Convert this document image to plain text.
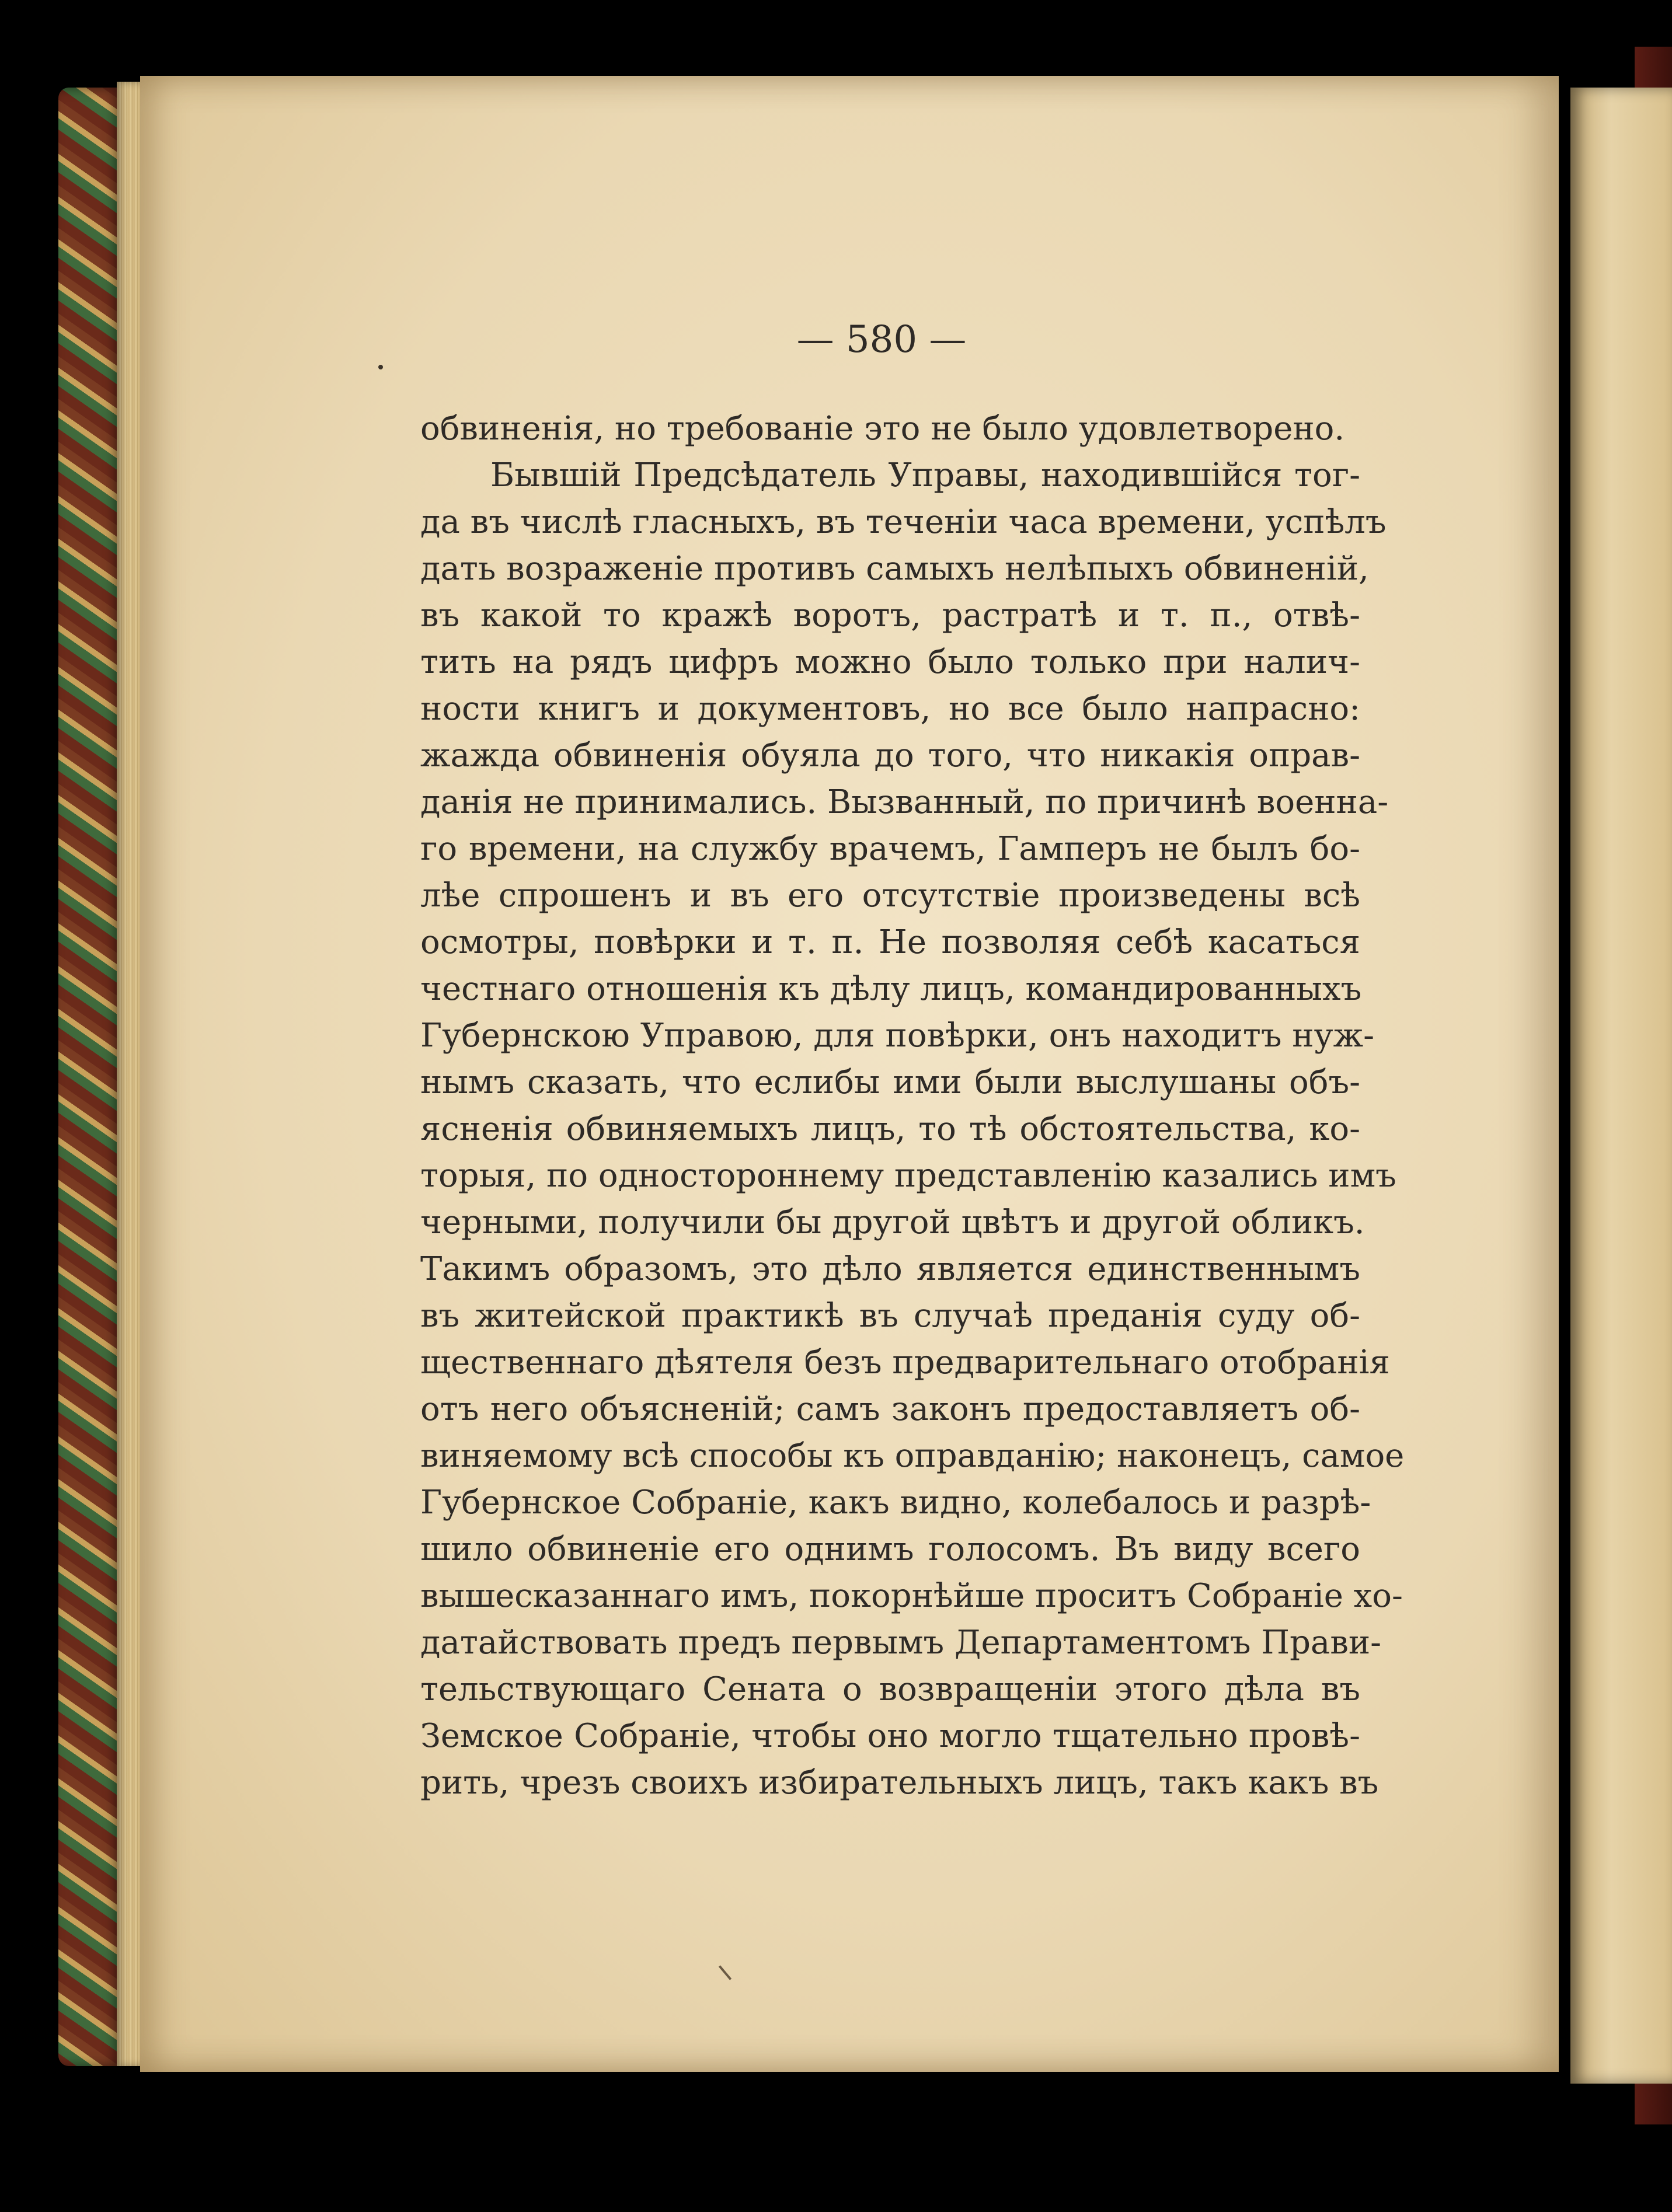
— 580 —
обвиненія, но требованіе это не было удовлетворено.
Бывшій Предсѣдатель Управы, находившійся тог-
да въ числѣ гласныхъ, въ теченіи часа времени, успѣлъ
дать возраженіе противъ самыхъ нелѣпыхъ обвиненій,
въ какой то кражѣ воротъ, растратѣ и т. п., отвѣ-
тить на рядъ цифръ можно было только при налич-
ности книгъ и документовъ, но все было напрасно:
жажда обвиненія обуяла до того, что никакія оправ-
данія не принимались. Вызванный, по причинѣ военна-
го времени, на службу врачемъ, Гамперъ не былъ бо-
лѣе спрошенъ и въ его отсутствіе произведены всѣ
осмотры, повѣрки и т. п. Не позволяя себѣ касаться
честнаго отношенія къ дѣлу лицъ, командированныхъ
Губернскою Управою, для повѣрки, онъ находитъ нуж-
нымъ сказать, что еслибы ими были выслушаны объ-
ясненія обвиняемыхъ лицъ, то тѣ обстоятельства, ко-
торыя, по одностороннему представленію казались имъ
черными, получили бы другой цвѣтъ и другой обликъ.
Такимъ образомъ, это дѣло является единственнымъ
въ житейской практикѣ въ случаѣ преданія суду об-
щественнаго дѣятеля безъ предварительнаго отобранія
отъ него объясненій; самъ законъ предоставляетъ об-
виняемому всѣ способы къ оправданію; наконецъ, самое
Губернское Собраніе, какъ видно, колебалось и разрѣ-
шило обвиненіе его однимъ голосомъ. Въ виду всего
вышесказаннаго имъ, покорнѣйше проситъ Собраніе хо-
датайствовать предъ первымъ Департаментомъ Прави-
тельствующаго Сената о возвращеніи этого дѣла въ
Земское Собраніе, чтобы оно могло тщательно провѣ-
рить, чрезъ своихъ избирательныхъ лицъ, такъ какъ въ
